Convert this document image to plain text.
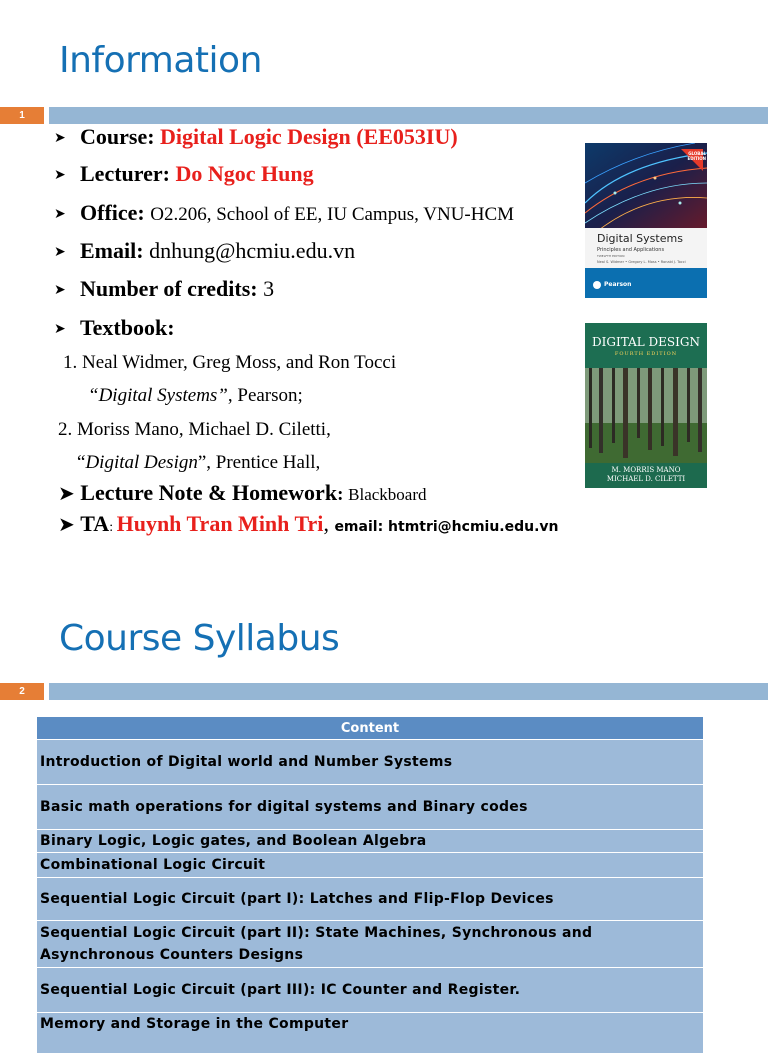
Information
1
➤ Course: Digital Logic Design (EE053IU)
➤ Lecturer: Do Ngoc Hung
➤ Office: O2.206, School of EE, IU Campus, VNU-HCM
➤ Email: dnhung@hcmiu.edu.vn
➤ Number of credits: 3
➤ Textbook:
1. Neal Widmer, Greg Moss, and Ron Tocci
“Digital Systems”, Pearson;
2. Moriss Mano, Michael D. Ciletti,
“Digital Design”, Prentice Hall,
➤ Lecture Note & Homework: Blackboard
➤ TA: Huynh Tran Minh Tri, email: htmtri@hcmiu.edu.vn
GLOBAL EDITION
Digital Systems
Principles and Applications
TWELFTH EDITION
Neal S. Widmer • Gregory L. Moss • Ronald J. Tocci
Pearson
DIGITAL DESIGN
FOURTH EDITION
M. MORRIS MANO
MICHAEL D. CILETTI
Course Syllabus
2
Content
Introduction of Digital world and Number Systems
Basic math operations for digital systems and Binary codes
Binary Logic, Logic gates, and Boolean Algebra
Combinational Logic Circuit
Sequential Logic Circuit (part I): Latches and Flip-Flop Devices
Sequential Logic Circuit (part II): State Machines, Synchronous and Asynchronous Counters Designs
Sequential Logic Circuit (part III): IC Counter and Register.
Memory and Storage in the Computer
